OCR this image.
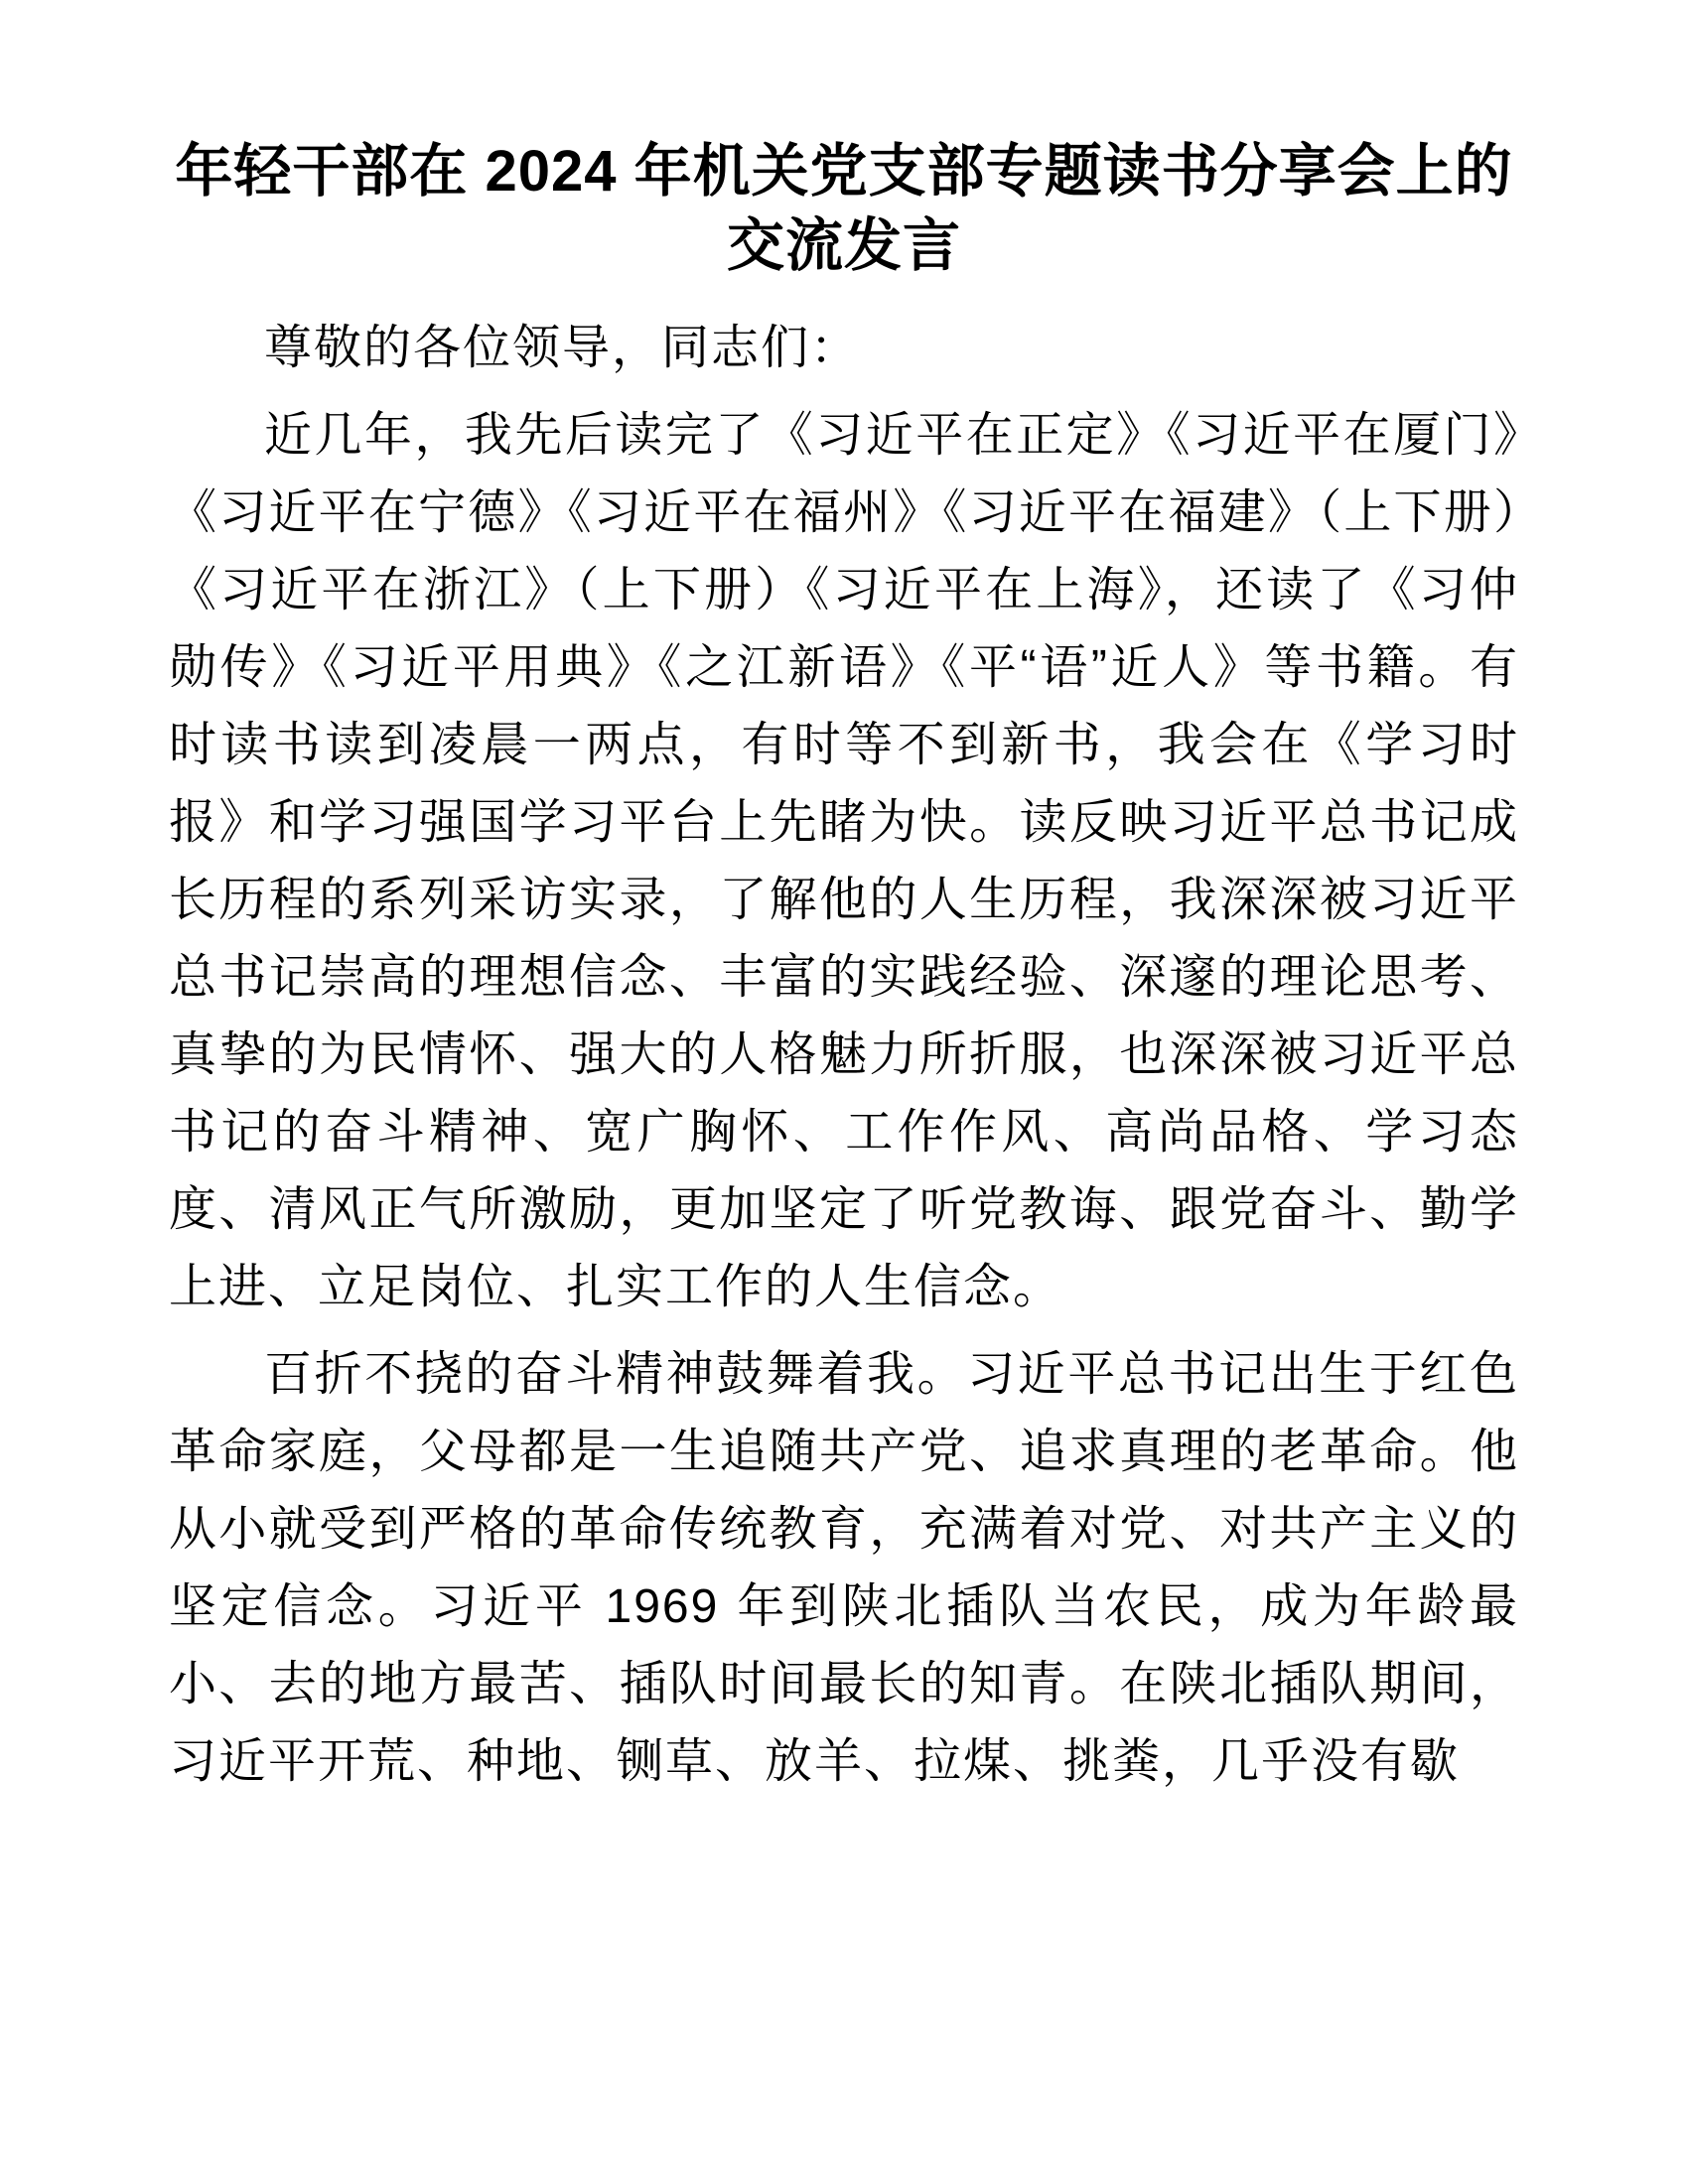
年轻干部在 2024 年机关党支部专题读书分享会上的交流发言

尊敬的各位领导，同志们：

近几年，我先后读完了《习近平在正定》《习近平在厦门》《习近平在宁德》《习近平在福州》《习近平在福建》（上下册）《习近平在浙江》（上下册）《习近平在上海》，还读了《习仲勋传》《习近平用典》《之江新语》《平“语”近人》等书籍。有时读书读到凌晨一两点，有时等不到新书，我会在《学习时报》和学习强国学习平台上先睹为快。读反映习近平总书记成长历程的系列采访实录，了解他的人生历程，我深深被习近平总书记崇高的理想信念、丰富的实践经验、深邃的理论思考、真挚的为民情怀、强大的人格魅力所折服，也深深被习近平总书记的奋斗精神、宽广胸怀、工作作风、高尚品格、学习态度、清风正气所激励，更加坚定了听党教诲、跟党奋斗、勤学上进、立足岗位、扎实工作的人生信念。

百折不挠的奋斗精神鼓舞着我。习近平总书记出生于红色革命家庭，父母都是一生追随共产党、追求真理的老革命。他从小就受到严格的革命传统教育，充满着对党、对共产主义的坚定信念。习近平 1969 年到陕北插队当农民，成为年龄最小、去的地方最苦、插队时间最长的知青。在陕北插队期间，习近平开荒、种地、铡草、放羊、拉煤、挑粪，几乎没有歇
